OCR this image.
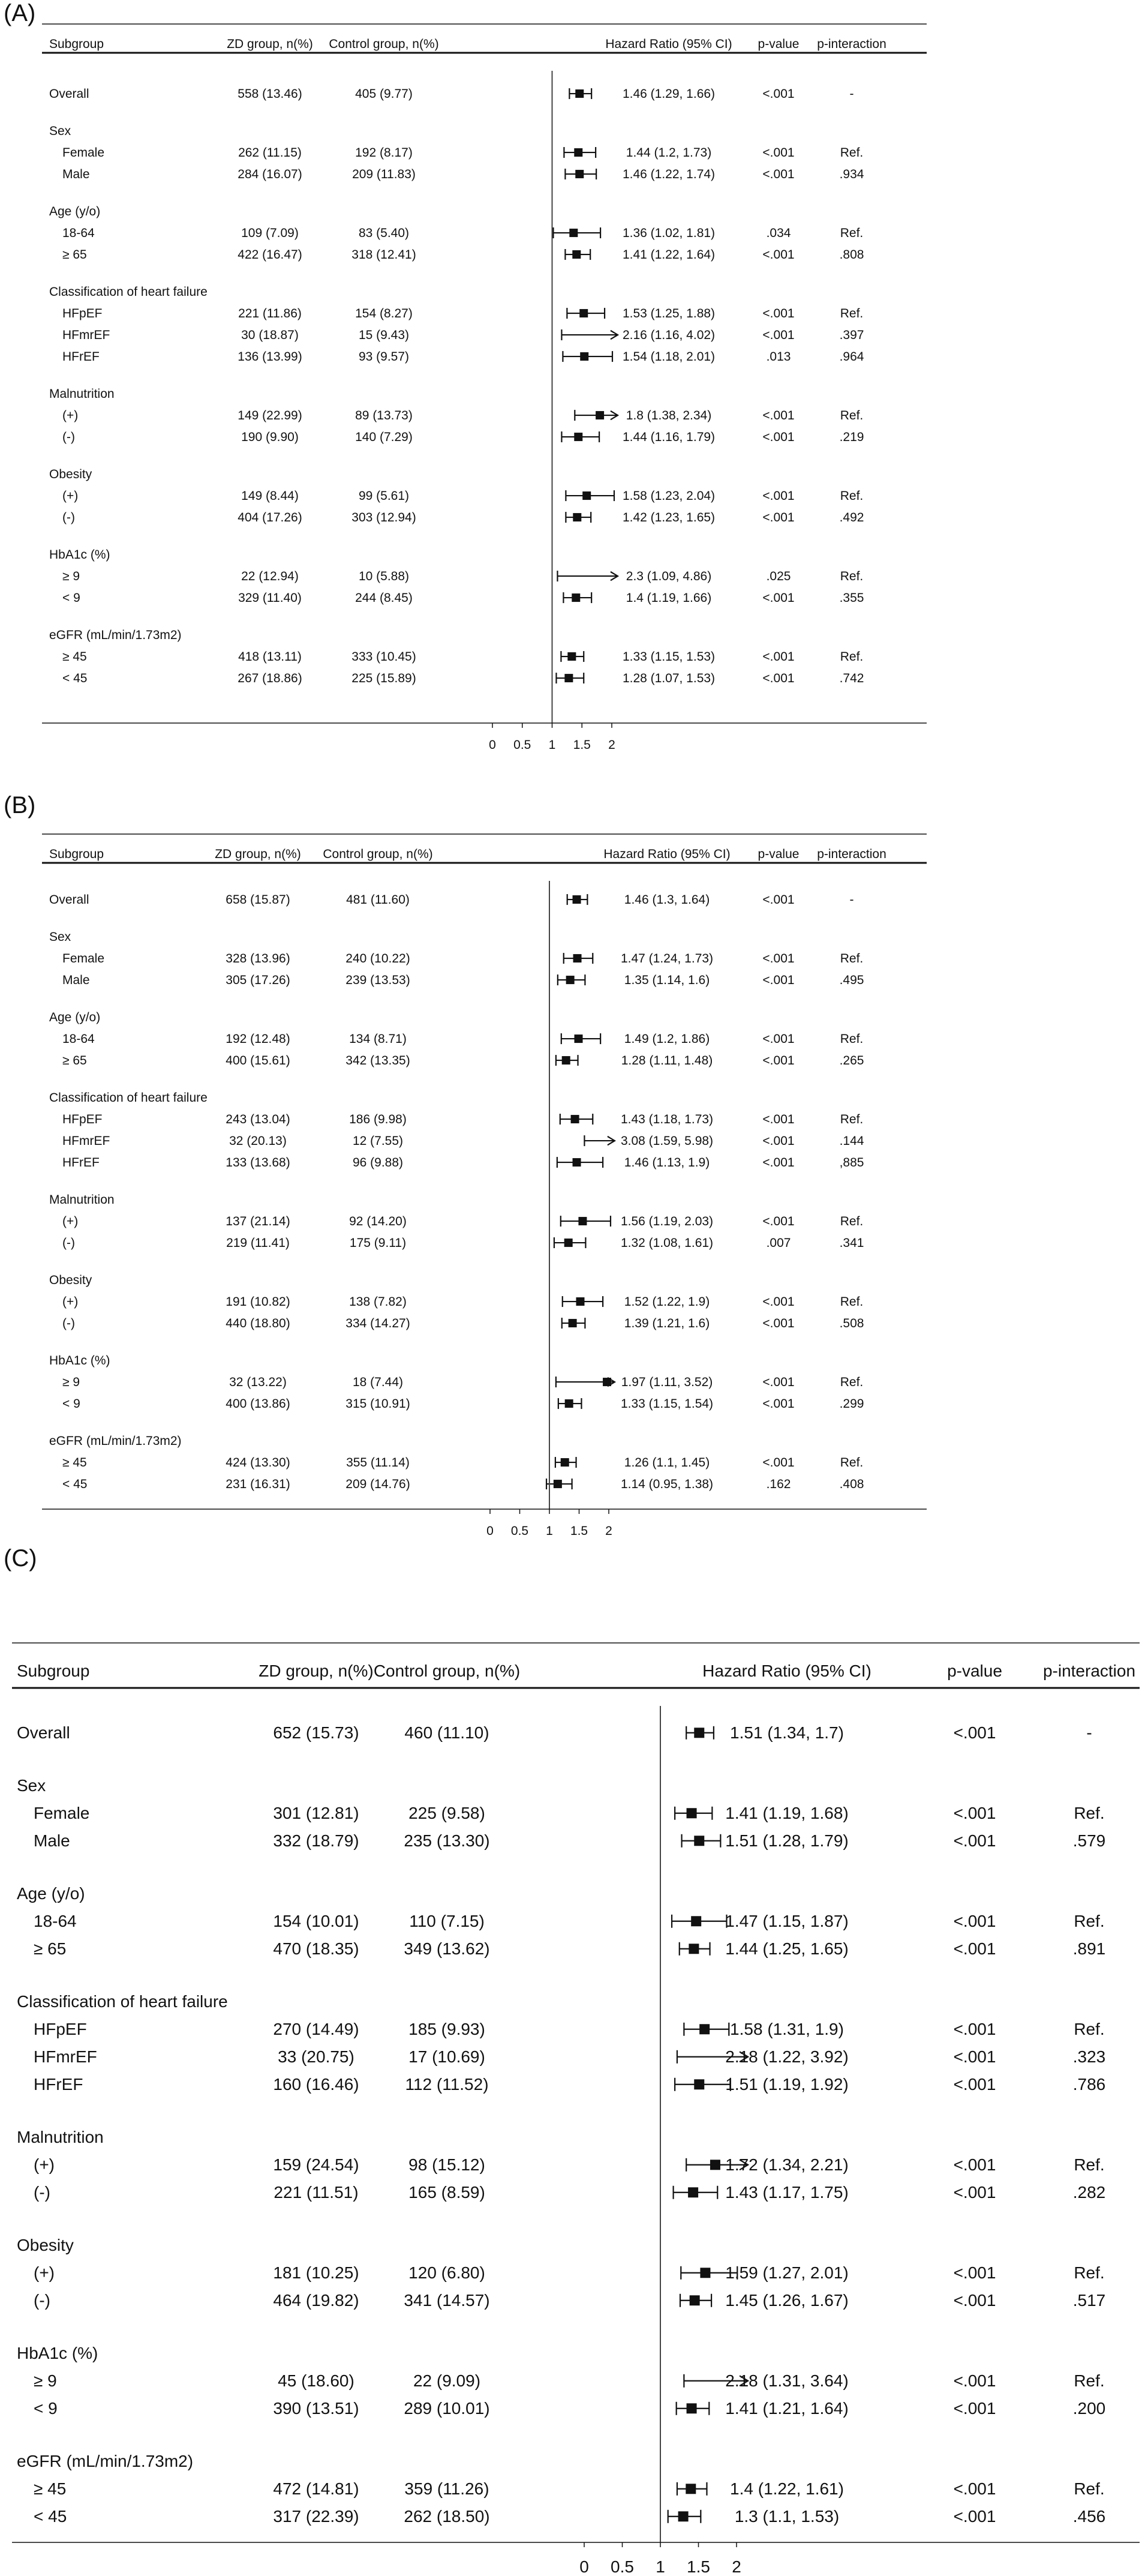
(A)
Subgroup	ZD group, n(%) Control group, n(%)	Hazard Ratio (95% CI) p-value p-interaction
Overall	558 (13.46)	405 (9.77)	1.46 (1.29, 1.66)	<.001	-
Sex
Female	262 (11.15)	192 (8.17)	1.44 (1.2, 1.73)	<.001	Ref.
Male	284 (16.07)	209 (11.83)	1.46 (1.22, 1.74)	<.001	.934
Age (y/o)
18-64	109 (7.09)	83 (5.40)	1.36 (1.02, 1.81)	.034	Ref.
≥ 65	422 (16.47)	318 (12.41)	1.41 (1.22, 1.64)	<.001	.808
Classification of heart failure
HFpEF	221 (11.86)	154 (8.27)	1.53 (1.25, 1.88)	<.001	Ref.
HFmrEF	30 (18.87)	15 (9.43)	2.16 (1.16, 4.02)	<.001	.397
HFrEF	136 (13.99)	93 (9.57)	1.54 (1.18, 2.01)	.013	.964
Malnutrition
(+)	149 (22.99)	89 (13.73)	1.8 (1.38, 2.34)	<.001	Ref.
(-)	190 (9.90)	140 (7.29)	1.44 (1.16, 1.79)	<.001	.219
Obesity
(+)	149 (8.44)	99 (5.61)	1.58 (1.23, 2.04)	<.001	Ref.
(-)	404 (17.26)	303 (12.94)	1.42 (1.23, 1.65)	<.001	.492
HbA1c (%)
≥ 9	22 (12.94)	10 (5.88)	2.3 (1.09, 4.86)	.025	Ref.
< 9	329 (11.40)	244 (8.45)	1.4 (1.19, 1.66)	<.001	.355
eGFR (mL/min/1.73m2)
≥ 45	418 (13.11)	333 (10.45)	1.33 (1.15, 1.53)	<.001	Ref.
< 45	267 (18.86)	225 (15.89)	1.28 (1.07, 1.53)	<.001	.742
0 0.5 1 1.5 2
(B)
Subgroup	ZD group, n(%) Control group, n(%)	Hazard Ratio (95% CI) p-value p-interaction
Overall	658 (15.87)	481 (11.60)	1.46 (1.3, 1.64)	<.001	-
Sex
Female	328 (13.96)	240 (10.22)	1.47 (1.24, 1.73)	<.001	Ref.
Male	305 (17.26)	239 (13.53)	1.35 (1.14, 1.6)	<.001	.495
Age (y/o)
18-64	192 (12.48)	134 (8.71)	1.49 (1.2, 1.86)	<.001	Ref.
≥ 65	400 (15.61)	342 (13.35)	1.28 (1.11, 1.48)	<.001	.265
Classification of heart failure
HFpEF	243 (13.04)	186 (9.98)	1.43 (1.18, 1.73)	<.001	Ref.
HFmrEF	32 (20.13)	12 (7.55)	3.08 (1.59, 5.98)	<.001	.144
HFrEF	133 (13.68)	96 (9.88)	1.46 (1.13, 1.9)	<.001	,885
Malnutrition
(+)	137 (21.14)	92 (14.20)	1.56 (1.19, 2.03)	<.001	Ref.
(-)	219 (11.41)	175 (9.11)	1.32 (1.08, 1.61)	.007	.341
Obesity
(+)	191 (10.82)	138 (7.82)	1.52 (1.22, 1.9)	<.001	Ref.
(-)	440 (18.80)	334 (14.27)	1.39 (1.21, 1.6)	<.001	.508
HbA1c (%)
≥ 9	32 (13.22)	18 (7.44)	1.97 (1.11, 3.52)	<.001	Ref.
< 9	400 (13.86)	315 (10.91)	1.33 (1.15, 1.54)	<.001	.299
eGFR (mL/min/1.73m2)
≥ 45	424 (13.30)	355 (11.14)	1.26 (1.1, 1.45)	<.001	Ref.
< 45	231 (16.31)	209 (14.76)	1.14 (0.95, 1.38)	.162	.408
0 0.5 1 1.5 2
(C)
Subgroup	ZD group, n(%) Control group, n(%)	Hazard Ratio (95% CI)	p-value p-interaction
Overall	652 (15.73)	460 (11.10)	1.51 (1.34, 1.7)	<.001	-
Sex
Female	301 (12.81)	225 (9.58)	1.41 (1.19, 1.68)	<.001	Ref.
Male	332 (18.79)	235 (13.30)	1.51 (1.28, 1.79)	<.001	.579
Age (y/o)
18-64	154 (10.01)	110 (7.15)	1.47 (1.15, 1.87)	<.001	Ref.
≥ 65	470 (18.35)	349 (13.62)	1.44 (1.25, 1.65)	<.001	.891
Classification of heart failure
HFpEF	270 (14.49)	185 (9.93)	1.58 (1.31, 1.9)	<.001	Ref.
HFmrEF	33 (20.75)	17 (10.69)	2.18 (1.22, 3.92)	<.001	.323
HFrEF	160 (16.46)	112 (11.52)	1.51 (1.19, 1.92)	<.001	.786
Malnutrition
(+)	159 (24.54)	98 (15.12)	1.72 (1.34, 2.21)	<.001	Ref.
(-)	221 (11.51)	165 (8.59)	1.43 (1.17, 1.75)	<.001	.282
Obesity
(+)	181 (10.25)	120 (6.80)	1.59 (1.27, 2.01)	<.001	Ref.
(-)	464 (19.82)	341 (14.57)	1.45 (1.26, 1.67)	<.001	.517
HbA1c (%)
≥ 9	45 (18.60)	22 (9.09)	2.18 (1.31, 3.64)	<.001	Ref.
< 9	390 (13.51)	289 (10.01)	1.41 (1.21, 1.64)	<.001	.200
eGFR (mL/min/1.73m2)
≥ 45	472 (14.81)	359 (11.26)	1.4 (1.22, 1.61)	<.001	Ref.
< 45	317 (22.39)	262 (18.50)	1.3 (1.1, 1.53)	<.001	.456
0 0.5 1 1.5 2
